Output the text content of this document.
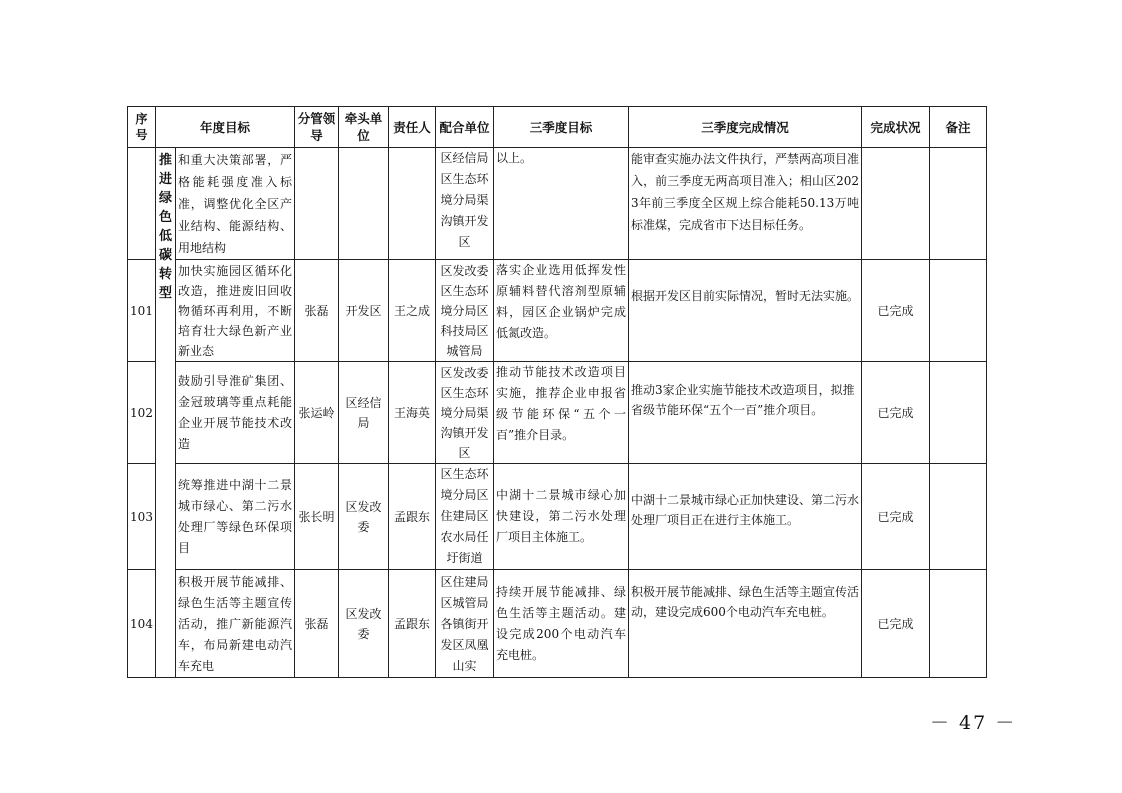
序号	年度目标		分管领导	牵头单位	责任人	配合单位	三季度目标	三季度完成情况	完成状况	备注
	推进绿色低碳转型	和重大决策部署，严格能耗强度准入标准，调整优化全区产业结构、能源结构、用地结构				区经信局区生态环境分局渠沟镇开发区	以上。	能审查实施办法文件执行，严禁两高项目准入，前三季度无两高项目准入；相山区2023年前三季度全区规上综合能耗50.13万吨标准煤，完成省市下达目标任务。		
101		加快实施园区循环化改造，推进废旧回收物循环再利用，不断培育壮大绿色新产业新业态	张磊	开发区	王之成	区发改委区生态环境分局区科技局区城管局	落实企业选用低挥发性原辅料替代溶剂型原辅料，园区企业锅炉完成低氮改造。	根据开发区目前实际情况，暂时无法实施。	已完成	
102		鼓励引导淮矿集团、金冠玻璃等重点耗能企业开展节能技术改造	张运岭	区经信局	王海英	区发改委区生态环境分局渠沟镇开发区	推动节能技术改造项目实施，推荐企业申报省级节能环保“五个一百”推介目录。	推动3家企业实施节能技术改造项目，拟推省级节能环保“五个一百”推介项目。	已完成	
103		统筹推进中湖十二景城市绿心、第二污水处理厂等绿色环保项目	张长明	区发改委	孟跟东	区生态环境分局区住建局区农水局任圩街道	中湖十二景城市绿心加快建设，第二污水处理厂项目主体施工。	中湖十二景城市绿心正加快建设、第二污水处理厂项目正在进行主体施工。	已完成	
104		积极开展节能减排、绿色生活等主题宣传活动，推广新能源汽车，布局新建电动汽车充电	张磊	区发改委	孟跟东	区住建局区城管局各镇街开发区凤凰山实	持续开展节能减排、绿色生活等主题活动。建设完成200个电动汽车充电桩。	积极开展节能减排、绿色生活等主题宣传活动，建设完成600个电动汽车充电桩。	已完成	
－ 47 －
